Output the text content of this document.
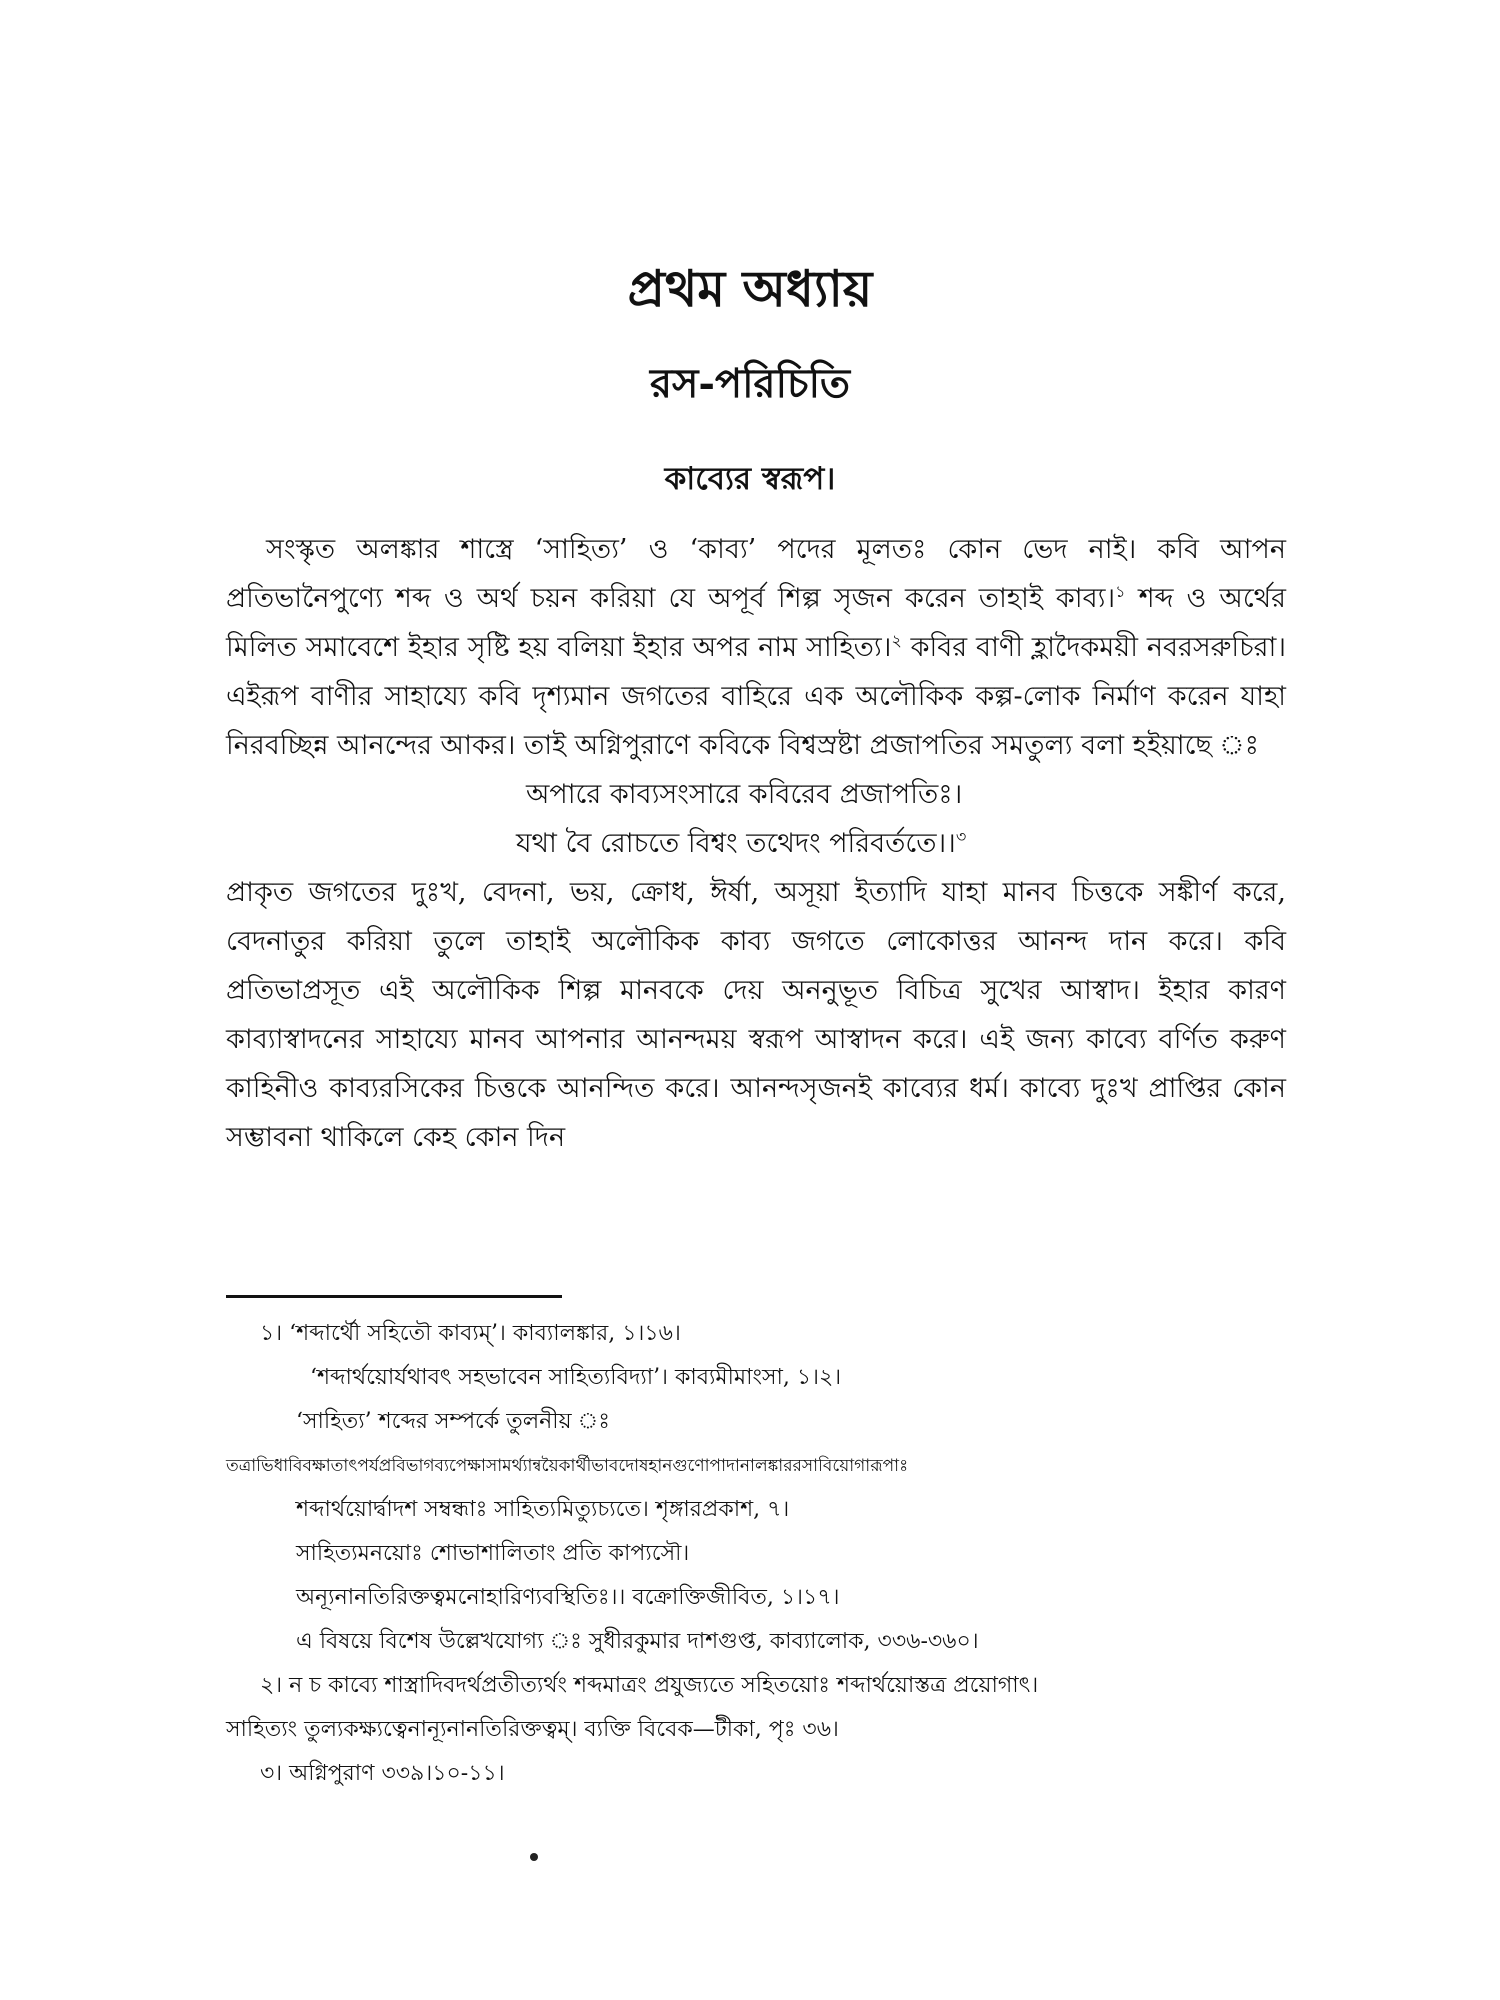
প্রথম অধ্যায়
রস-পরিচিতি
কাব্যের স্বরূপ।

সংস্কৃত অলঙ্কার শাস্ত্রে ‘সাহিত্য’ ও ‘কাব্য’ পদের মূলতঃ কোন ভেদ নাই। কবি আপন প্রতিভানৈপুণ্যে শব্দ ও অর্থ চয়ন করিয়া যে অপূর্ব শিল্প সৃজন করেন তাহাই কাব্য।$^১$ শব্দ ও অর্থের মিলিত সমাবেশে ইহার সৃষ্টি হয় বলিয়া ইহার অপর নাম সাহিত্য।$^২$ কবির বাণী হ্লাদৈকময়ী নবরসরুচিরা। এইরূপ বাণীর সাহায্যে কবি দৃশ্যমান জগতের বাহিরে এক অলৌকিক কল্প-লোক নির্মাণ করেন যাহা নিরবচ্ছিন্ন আনন্দের আকর। তাই অগ্নিপুরাণে কবিকে বিশ্বস্রষ্টা প্রজাপতির সমতুল্য বলা হইয়াছে ঃ

অপারে কাব্যসংসারে কবিরেব প্রজাপতিঃ।

যথা বৈ রোচতে বিশ্বং তথেদং পরিবর্ততে।।$^৩$

প্রাকৃত জগতের দুঃখ, বেদনা, ভয়, ক্রোধ, ঈর্ষা, অসূয়া ইত্যাদি যাহা মানব চিত্তকে সঙ্কীর্ণ করে, বেদনাতুর করিয়া তুলে তাহাই অলৌকিক কাব্য জগতে লোকোত্তর আনন্দ দান করে। কবি প্রতিভাপ্রসূত এই অলৌকিক শিল্প মানবকে দেয় অননুভূত বিচিত্র সুখের আস্বাদ। ইহার কারণ কাব্যাস্বাদনের সাহায্যে মানব আপনার আনন্দময় স্বরূপ আস্বাদন করে। এই জন্য কাব্যে বর্ণিত করুণ কাহিনীও কাব্যরসিকের চিত্তকে আনন্দিত করে। আনন্দসৃজনই কাব্যের ধর্ম। কাব্যে দুঃখ প্রাপ্তির কোন সম্ভাবনা থাকিলে কেহ কোন দিন

১। ‘শব্দার্থৌ সহিতৌ কাব্যম্’। কাব্যালঙ্কার, ১।১৬।

‘শব্দার্থয়োর্যথাবৎ সহভাবেন সাহিত্যবিদ্যা’। কাব্যমীমাংসা, ১।২।

‘সাহিত্য’ শব্দের সম্পর্কে তুলনীয় ঃ

তত্রাভিধাবিবক্ষাতাৎপর্যপ্রবিভাগব্যপেক্ষাসামর্থ্যান্বয়ৈকার্থীভাবদোষহানগুণোপাদানালঙ্কাররসাবিয়োগারূপাঃ

শব্দার্থয়োর্দ্বাদশ সম্বন্ধাঃ সাহিত্যমিত্যুচ্যতে। শৃঙ্গারপ্রকাশ, ৭।

সাহিত্যমনয়োঃ শোভাশালিতাং প্রতি কাপ্যসৌ।

অন্যূনানতিরিক্তত্বমনোহারিণ্যবস্থিতিঃ।। বক্রোক্তিজীবিত, ১।১৭।

এ বিষয়ে বিশেষ উল্লেখযোগ্য ঃ সুধীরকুমার দাশগুপ্ত, কাব্যালোক, ৩৩৬-৩৬০।

২। ন চ কাব্যে শাস্ত্রাদিবদর্থপ্রতীত্যর্থং শব্দমাত্রং প্রযুজ্যতে সহিতয়োঃ শব্দার্থয়োস্তত্র প্রয়োগাৎ।

সাহিত্যং তুল্যকক্ষ্যত্বেনান্যূনানতিরিক্তত্বম্। ব্যক্তি বিবেক—টীকা, পৃঃ ৩৬।

৩। অগ্নিপুরাণ ৩৩৯।১০-১১।
